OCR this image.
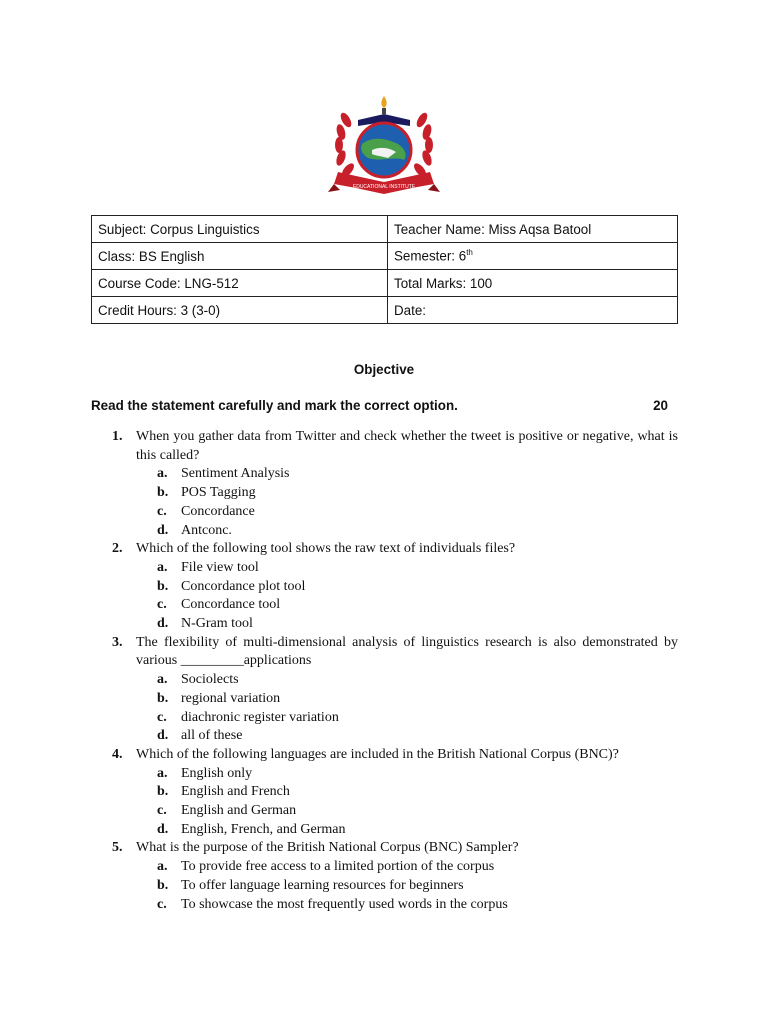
EDUCATIONAL INSTITUTE
Subject: Corpus Linguistics	Teacher Name: Miss Aqsa Batool
Class: BS English	Semester: 6th
Course Code: LNG-512	Total Marks: 100
Credit Hours: 3 (3-0)	Date:
Objective
Read the statement carefully and mark the correct option.	20
1. When you gather data from Twitter and check whether the tweet is positive or negative, what is this called?
a. Sentiment Analysis
b. POS Tagging
c. Concordance
d. Antconc.
2. Which of the following tool shows the raw text of individuals files?
a. File view tool
b. Concordance plot tool
c. Concordance tool
d. N-Gram tool
3. The flexibility of multi-dimensional analysis of linguistics research is also demonstrated by various _________applications
a. Sociolects
b. regional variation
c. diachronic register variation
d. all of these
4. Which of the following languages are included in the British National Corpus (BNC)?
a. English only
b. English and French
c. English and German
d. English, French, and German
5. What is the purpose of the British National Corpus (BNC) Sampler?
a. To provide free access to a limited portion of the corpus
b. To offer language learning resources for beginners
c. To showcase the most frequently used words in the corpus
